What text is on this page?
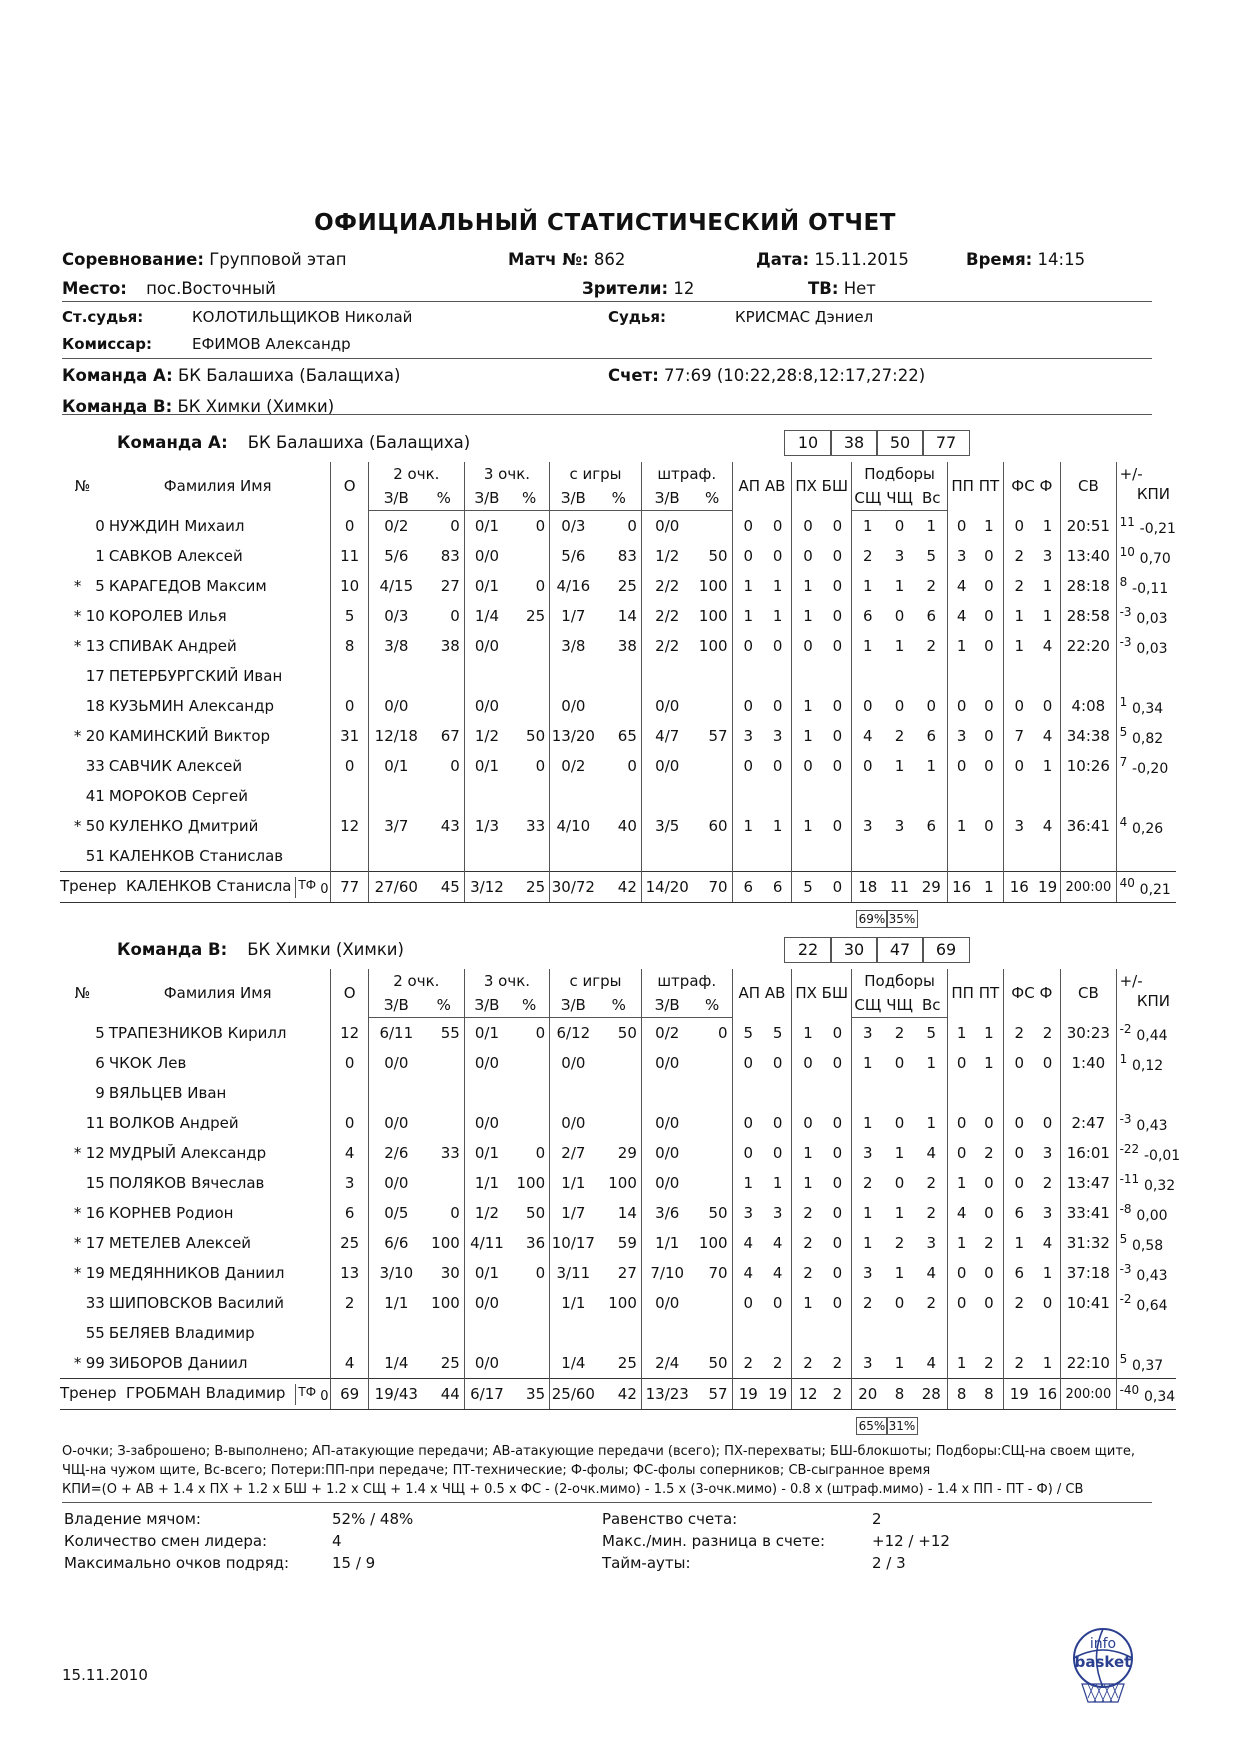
ОФИЦИАЛЬНЫЙ СТАТИСТИЧЕСКИЙ ОТЧЕТ
Соревнование: Групповой этап	Матч №: 862	Дата: 15.11.2015	Время: 14:15
Место: пос.Восточный	Зрители: 12	ТВ: Нет
Ст.судья:	КОЛОТИЛЬЩИКОВ Николай	Судья:	КРИСМАС Дэниел
Комиссар:	ЕФИМОВ Александр
Команда A: БК Балашиха (Балащиха)	Счет: 77:69 (10:22,28:8,12:17,27:22)
Команда B: БК Химки (Химки)
Команда A: БК Балашиха (Балащиха)	10	38	50	77
№		Фамилия Имя	О	2 очк.		3 очк.		с игры		штраф.		АП АВ		ПХ БШ		Подборы			ПП ПТ		ФС Ф		СВ	+/-
КПИ

				З/В	%	З/В	%	З/В	%	З/В	%					СЩ	ЧЩ	Вс						
	0	НУЖДИН Михаил	0	0/2	0	0/1	0	0/3	0	0/0		0	0	0	0	1	0	1	0	1	0	1	20:51	$^{11}$ -0,21
	1	САВКОВ Алексей	11	5/6	83	0/0		5/6	83	1/2	50	0	0	0	0	2	3	5	3	0	2	3	13:40	$^{10}$ 0,70
*	5	КАРАГЕДОВ Максим	10	4/15	27	0/1	0	4/16	25	2/2	100	1	1	1	0	1	1	2	4	0	2	1	28:18	$^8$ -0,11
*	10	КОРОЛЕВ Илья	5	0/3	0	1/4	25	1/7	14	2/2	100	1	1	1	0	6	0	6	4	0	1	1	28:58	$^{-3}$ 0,03
*	13	СПИВАК Андрей	8	3/8	38	0/0		3/8	38	2/2	100	0	0	0	0	1	1	2	1	0	1	4	22:20	$^{-3}$ 0,03
	17	ПЕТЕРБУРГСКИЙ Иван																						
	18	КУЗЬМИН Александр	0	0/0		0/0		0/0		0/0		0	0	1	0	0	0	0	0	0	0	0	4:08	$^1$ 0,34
*	20	КАМИНСКИЙ Виктор	31	12/18	67	1/2	50	13/20	65	4/7	57	3	3	1	0	4	2	6	3	0	7	4	34:38	$^5$ 0,82
	33	САВЧИК Алексей	0	0/1	0	0/1	0	0/2	0	0/0		0	0	0	0	0	1	1	0	0	0	1	10:26	$^7$ -0,20
	41	МОРОКОВ Сергей																						
*	50	КУЛЕНКО Дмитрий	12	3/7	43	1/3	33	4/10	40	3/5	60	1	1	1	0	3	3	6	1	0	3	4	36:41	$^4$ 0,26
	51	КАЛЕНКОВ Станислав																						
Тренер КАЛЕНКОВ Станисла ТФ 0			77	27/60	45	3/12	25	30/72	42	14/20	70	6	6	5	0	18	11	29	16	1	16	19	200:00	$^{40}$ 0,21
69% 35%
Команда B: БК Химки (Химки)	22	30	47	69
№		Фамилия Имя	О	2 очк.		3 очк.		с игры		штраф.		АП АВ		ПХ БШ		Подборы			ПП ПТ		ФС Ф		СВ	+/-
КПИ

				З/В	%	З/В	%	З/В	%	З/В	%					СЩ	ЧЩ	Вс						
	5	ТРАПЕЗНИКОВ Кирилл	12	6/11	55	0/1	0	6/12	50	0/2	0	5	5	1	0	3	2	5	1	1	2	2	30:23	$^{-2}$ 0,44
	6	ЧКОК Лев	0	0/0		0/0		0/0		0/0		0	0	0	0	1	0	1	0	1	0	0	1:40	$^1$ 0,12
	9	ВЯЛЬЦЕВ Иван																						
	11	ВОЛКОВ Андрей	0	0/0		0/0		0/0		0/0		0	0	0	0	1	0	1	0	0	0	0	2:47	$^{-3}$ 0,43
*	12	МУДРЫЙ Александр	4	2/6	33	0/1	0	2/7	29	0/0		0	0	1	0	3	1	4	0	2	0	3	16:01	$^{-22}$ -0,01
	15	ПОЛЯКОВ Вячеслав	3	0/0		1/1	100	1/1	100	0/0		1	1	1	0	2	0	2	1	0	0	2	13:47	$^{-11}$ 0,32
*	16	КОРНЕВ Родион	6	0/5	0	1/2	50	1/7	14	3/6	50	3	3	2	0	1	1	2	4	0	6	3	33:41	$^{-8}$ 0,00
*	17	МЕТЕЛЕВ Алексей	25	6/6	100	4/11	36	10/17	59	1/1	100	4	4	2	0	1	2	3	1	2	1	4	31:32	$^5$ 0,58
*	19	МЕДЯННИКОВ Даниил	13	3/10	30	0/1	0	3/11	27	7/10	70	4	4	2	0	3	1	4	0	0	6	1	37:18	$^{-3}$ 0,43
	33	ШИПОВСКОВ Василий	2	1/1	100	0/0		1/1	100	0/0		0	0	1	0	2	0	2	0	0	2	0	10:41	$^{-2}$ 0,64
	55	БЕЛЯЕВ Владимир																						
*	99	ЗИБОРОВ Даниил	4	1/4	25	0/0		1/4	25	2/4	50	2	2	2	2	3	1	4	1	2	2	1	22:10	$^5$ 0,37
Тренер ГРОБМАН Владимир ТФ 0			69	19/43	44	6/17	35	25/60	42	13/23	57	19	19	12	2	20	8	28	8	8	19	16	200:00	$^{-40}$ 0,34
65% 31%
О-очки; З-заброшено; В-выполнено; АП-атакующие передачи; АВ-атакующие передачи (всего); ПХ-перехваты; БШ-блокшоты; Подборы:СЩ-на своем щите,
ЧЩ-на чужом щите, Вс-всего; Потери:ПП-при передаче; ПТ-технические; Ф-фолы; ФС-фолы соперников; СВ-сыгранное время
КПИ=(О + АВ + 1.4 x ПХ + 1.2 x БШ + 1.2 x СЩ + 1.4 x ЧЩ + 0.5 x ФС - (2-очк.мимо) - 1.5 x (3-очк.мимо) - 0.8 x (штраф.мимо) - 1.4 x ПП - ПТ - Ф) / СВ
Владение мячом:	52% / 48%
Количество смен лидера:	4
Максимально очков подряд:	15 / 9
Равенство счета:	2
Макс./мин. разница в счете:	+12 / +12
Тайм-ауты:	2 / 3
15.11.2010
info
basket
